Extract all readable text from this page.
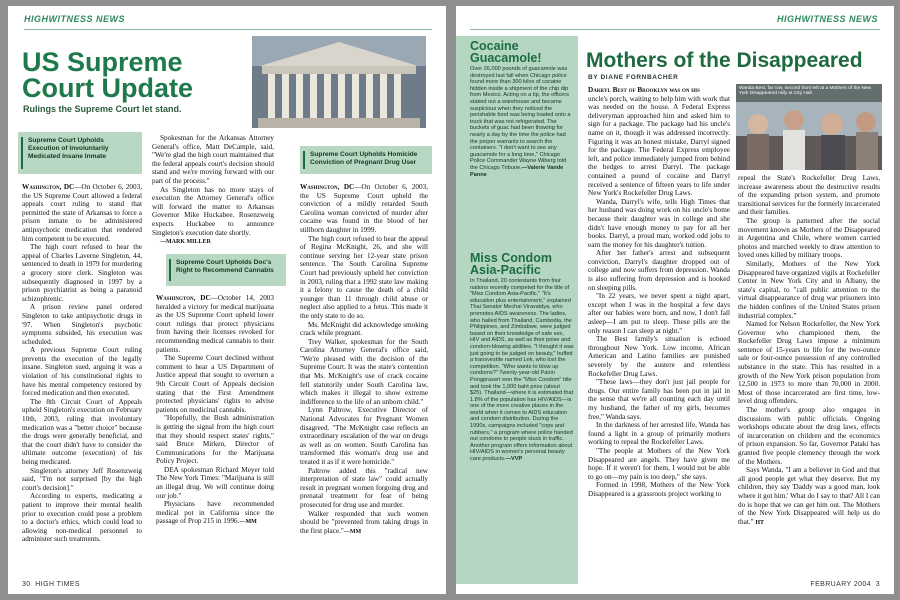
HIGHWITNESS NEWS
US Supreme
Court Update
Rulings the Supreme Court let stand.
Supreme Court Upholds Execution of Involuntarily Medicated Insane Inmate

Washington, DC—On October 6, 2003, the US Supreme Court allowed a federal appeals court ruling to stand that permitted the state of Arkansas to force a prison inmate to be administered antipsychotic medication that rendered him competent to be executed.

The high court refused to hear the appeal of Charles Laverne Singleton, 44, sentenced to death in 1979 for murdering a grocery store clerk. Singleton was subsequently diagnosed in 1997 by a prison psychiatrist as being a paranoid schizophrenic.

A prison review panel ordered Singleton to take antipsychotic drugs in '97. When Singleton's psychotic symptoms subsided, his execution was scheduled.

A previous Supreme Court ruling prevents the execution of the legally insane. Singleton sued, arguing it was a violation of his constitutional rights to have his mental competency restored by forced medication and then executed.

The 8th Circuit Court of Appeals upheld Singleton's execution on February 10th, 2003, ruling that involuntary medication was a "better choice" because the drugs were generally beneficial, and that the court didn't have to consider the ultimate outcome (execution) of his being medicated.

Singleton's attorney Jeff Rosenzweig said, "I'm not surprised [by the high court's decision]."

According to experts, medicating a patient to improve their mental health prior to execution could pose a problem to a doctor's ethics, which could lead to allowing non-medical personnel to administer such treatments.

Spokesman for the Arkansas Attorney General's office, Matt DeCample, said, "We're glad the high court maintained that the federal appeals court's decision should stand and we're moving forward with our part of the process."

As Singleton has no more stays of execution the Attorney General's office will forward the matter to Arkansas Governor Mike Huckabee. Rosenzweig expects Huckabee to announce Singleton's execution date shortly.

—MARK MILLER

Supreme Court Upholds Doc's Right to Recommend Cannabis

Washington, DC—October 14, 2003 heralded a victory for medical marijuana as the US Supreme Court upheld lower court rulings that protect physicians from having their licenses revoked for recommending medical cannabis to their patients.

The Supreme Court declined without comment to hear a US Department of Justice appeal that sought to overturn a 9th Circuit Court of Appeals decision stating that the First Amendment protected physicians' rights to advise patients on medicinal cannabis.

"Hopefully, the Bush administration is getting the signal from the high court that they should respect states' rights," said Bruce Mirken, Director of Communications for the Marijuana Policy Project.

DEA spokesman Richard Meyer told The New York Times: "Marijuana is still an illegal drug. We will continue doing our job."

Physicians have recommended medical pot in California since the passage of Prop 215 in 1996.—MM

Supreme Court Upholds Homicide Conviction of Pregnant Drug User

Washington, DC—On October 6, 2003, the US Supreme Court upheld the conviction of a mildly retarded South Carolina woman convicted of murder after cocaine was found in the blood of her stillborn daughter in 1999.

The high court refused to hear the appeal of Regina McKnight, 26, and she will continue serving her 12-year state prison sentence. The South Carolina Supreme Court had previously upheld her conviction in 2003, ruling that a 1992 state law making it a felony to cause the death of a child younger than 11 through child abuse or neglect also applied to a fetus. This made it the only state to do so.

Ms. McKnight did acknowledge smoking crack while pregnant.

Trey Walker, spokesman for the South Carolina Attorney General's office said, "We're pleased with the decision of the Supreme Court. It was the state's contention that Ms. McKnight's use of crack cocaine fell statutorily under South Carolina law, which makes it illegal to show extreme indifference to the life of an unborn child."

Lynn Paltrow, Executive Director of National Advocates for Pregnant Women disagreed. "The McKnight case reflects an extraordinary escalation of the war on drugs as well as on women. South Carolina has transformed this woman's drug use and treated it as if it were homicide."

Paltrow added this "radical new interpretation of state law" could actually result in pregnant women forgoing drug and prenatal treatment for fear of being prosecuted for drug use and murder.

Walker responded that such women should be "prevented from taking drugs in the first place."—MM

30 HIGH TIMES
HIGHWITNESS NEWS
Cocaine
Guacamole!

Over 26,000 pounds of guacamole was destroyed last fall when Chicago police found more than 300 kilos of cocaine hidden inside a shipment of the chip dip from Mexico. Acting on a tip, the officers staked out a warehouse and became suspicious when they noticed the perishable food was being loaded onto a truck that was not refrigerated. The buckets of guac had been thawing for nearly a day by the time the police had the proper warrants to search the containers. "I don't want to see any guacamole for a long time," Chicago Police Commander Wayne Wiberg told the Chicago Tribune.—Valerie Vande Panne

Miss Condom
Asia-Pacific

In Thailand, 20 contestants from four nations recently competed for the title of "Miss Condom Asia-Pacific." "It's education plus entertainment," explained Thai Senator Mechai Viravaidya, who promotes AIDS awareness. The ladies, who hailed from Thailand, Cambodia, the Philippines, and Zimbabwe, were judged based on their knowledge of safe sex, HIV and AIDS, as well as their poise and condom-blowing abilities. "I thought it was just going to be judged on beauty," huffed a transvestite named Lek, who lost the competition. "Who wants to blow up condoms?" Twenty-year-old Pairin Pongprasert won the "Miss Condom" title and took the 1,000 baht prize (about $25). Thailand—where it is estimated that 1.8% of the population has HIV/AIDS—is one of the more creative places in the world when it comes to AIDS education and condom distribution. During the 1990s, campaigns included "cops and rubbers," a program where police handed out condoms to people stuck in traffic. Another program offers information about HIV/AIDS in women's personal beauty care products.—VVP

Mothers of the Disappeared
BY DIANE FORNBACHER
Wanda Best, far row, second from left at a Mothers of the New York Disappeared rally at City Hall.

Darryl Best of Brooklyn was on his

uncle's porch, waiting to help him with work that was needed on the house. A Federal Express deliveryman approached him and asked him to sign for a package. The package had his uncle's name on it, though it was addressed incorrectly. Figuring it was an honest mistake, Darryl signed for the package. The Federal Express employee left, and police immediately jumped from behind the hedges to arrest Darryl. The package contained a pound of cocaine and Darryl received a sentence of fifteen years to life under New York's Rockefeller Drug Laws.

Wanda, Darryl's wife, tells High Times that her husband was doing work on his uncle's home because their daughter was in college and she didn't have enough money to pay for all her books. Darryl, a proud man, worked odd jobs to earn the money for his daughter's tuition.

After her father's arrest and subsequent conviction, Darryl's daughter dropped out of college and now suffers from depression. Wanda is also suffering from depression and is hooked on sleeping pills.

"In 22 years, we never spent a night apart, except when I was in the hospital a few days after our babies were born, and now, I don't fall asleep—I am put to sleep. These pills are the only reason I can sleep at night."

The Best family's situation is echoed throughout New York. Low income, African American and Latino families are punished severely by the austere and relentless Rockefeller Drug Laws.

"These laws—they don't just jail people for drugs. Our entire family has been put in jail in the sense that we're all counting each day until my husband, the father of my girls, becomes free," Wanda says.

In the darkness of her arrested life, Wanda has found a light in a group of primarily mothers working to repeal the Rockefeller Laws.

"The people at Mothers of the New York Disappeared are angels. They have given me hope. If it weren't for them, I would not be able to go on—my pain is too deep," she says.

Formed in 1998, Mothers of the New York Disappeared is a grassroots project working to

repeal the State's Rockefeller Drug Laws, increase awareness about the destructive results of the expanding prison system, and promote transitional services for the formerly incarcerated and their families.

The group is patterned after the social movement known as Mothers of the Disappeared in Argentina and Chile, where women carried photos and marched weekly to draw attention to loved ones killed by military troops.

Similarly, Mothers of the New York Disappeared have organized vigils at Rockefeller Center in New York City and in Albany, the state's capital, to "call public attention to the virtual disappearance of drug war prisoners into the hidden confines of the United States prison industrial complex."

Named for Nelson Rockefeller, the New York Governor who championed them, the Rockefeller Drug Laws impose a minimum sentence of 15-years to life for the two-ounce sale or four-ounce possession of any controlled substance in the state. This has resulted in a growth of the New York prison population from 12,500 in 1973 to more than 70,000 in 2000. Most of those incarcerated are first time, low-level drug offenders.

The mother's group also engages in discussions with public officials. Ongoing workshops educate about the drug laws, effects of incarceration on children and the economics of prison expansion. So far, Governor Pataki has granted five people clemency through the work of the Mothers.

Says Wanda, "I am a believer in God and that all good people get what they deserve. But my children, they say 'Daddy was a good man, look where it got him.' What do I say to that? All I can do is hope that we can get him out. The Mothers of the New York Disappeared will help us do that." HT

FEBRUARY 2004 3
